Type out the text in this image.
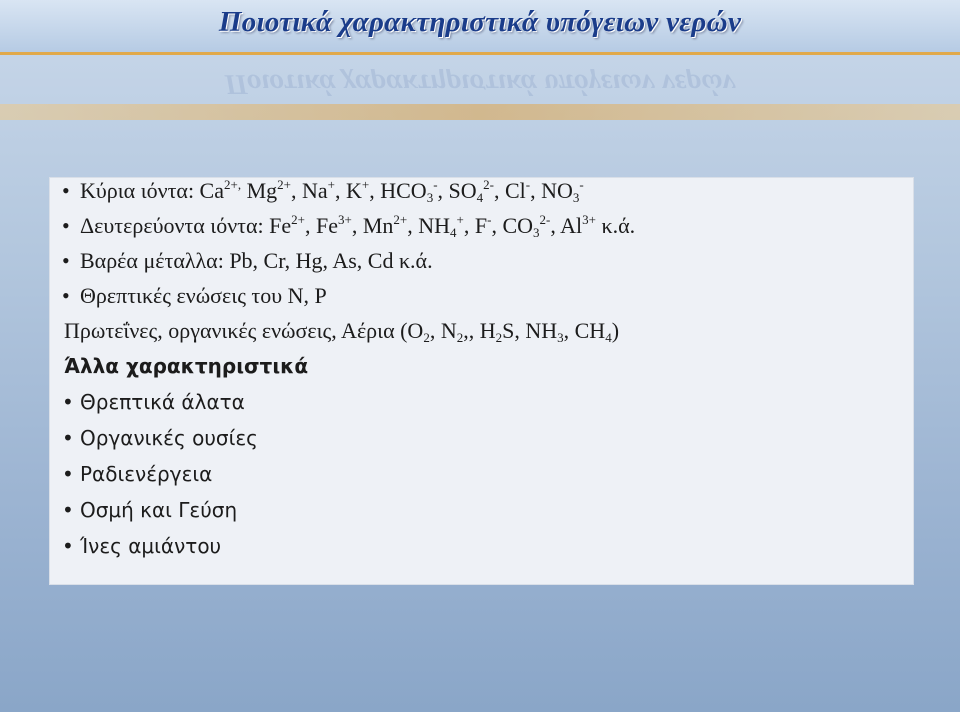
Ποιοτικά χαρακτηριστικά υπόγειων νερών
Ποιοτικά χαρακτηριστικά υπόγειων νερών
• Κύρια ιόντα: $Ca^{2+,}$ $Mg^{2+}$, Na+, K+, $HCO_3^-$, $SO_4^{2-}$, Cl-, $NO_3^-$
• Δευτερεύοντα ιόντα: $Fe^{2+}$, $Fe^{3+}$, $Mn^{2+}$, $NH_4^+$, F-, $CO_3^{2-}$, $Al^{3+}$ κ.ά.
• Βαρέα μέταλλα: Pb, Cr, Hg, As, Cd κ.ά.
• Θρεπτικές ενώσεις του N, P
Πρωτεΐνες, οργανικές ενώσεις, Αέρια ($O_2$, $N_2$,, $H_2S$, $NH_3$, $CH_4$)
Άλλα χαρακτηριστικά
• Θρεπτικά άλατα
• Οργανικές ουσίες
• Ραδιενέργεια
• Οσμή και Γεύση
• Ίνες αμιάντου
